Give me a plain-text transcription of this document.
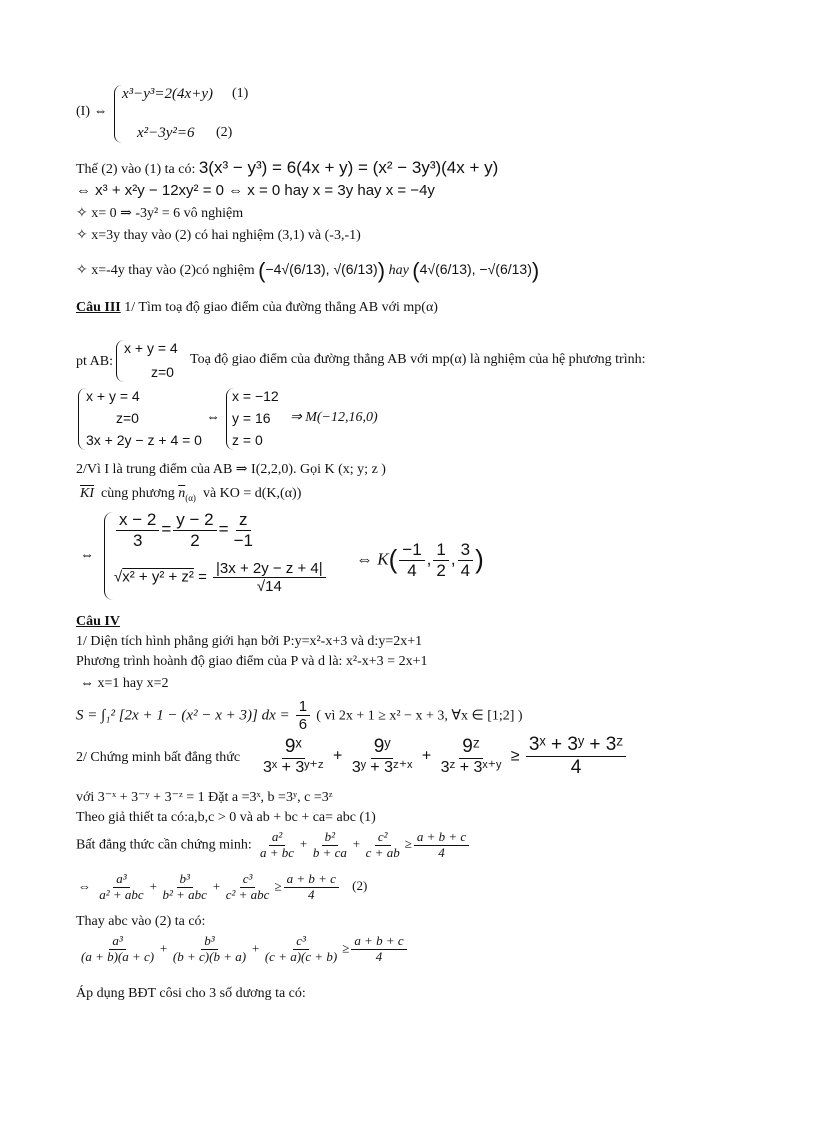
(I) ⇔
x³−y³=2(4x+y) (1)
x²−3y²=6 (2)
Thế (2) vào (1) ta có: 3(x³ − y³) = 6(4x + y) = (x² − 3y³)(4x + y)
⇔ x³ + x²y − 12xy² = 0 ⇔ x = 0 hay x = 3y hay x = −4y
✧ x= 0 ⇒ -3y² = 6 vô nghiệm
✧ x=3y thay vào (2) có hai nghiệm (3,1) và (-3,-1)
✧ x=-4y thay vào (2)có nghiệm (−4√(6/13), √(6/13)) hay (4√(6/13), −√(6/13))
Câu III 1/ Tìm toạ độ giao điểm của đường thẳng AB với mp(α)
pt AB:
x + y = 4
z=0
Toạ độ giao điểm của đường thẳng AB với mp(α) là nghiệm của hệ phương trình:
x + y = 4
z=0
3x + 2y − z + 4 = 0
⇔
x = −12
y = 16 ⇒ M(−12,16,0)
z = 0
2/Vì I là trung điểm của AB ⇒ I(2,2,0). Gọi K (x; y; z )
$\overline{KI}$ cùng phương $\overline{n}_{(\alpha)}$ và KO = d(K,(α))
⇔
$\frac{x - 2}{3} = \frac{y - 2}{2} = \frac{z}{-1}$
$√x^2 + y^2 + z^2 = \frac{|3x + 2y - z + 4|}{√14}$
⇔ $K( \frac{-1}{4}$ , $\frac{1}{2}$ , $\frac{3}{4}$ )
Câu IV
1/ Diện tích hình phẳng giới hạn bởi P:y=x²-x+3 và d:y=2x+1
Phương trình hoành độ giao điểm của P và d là: x²-x+3 = 2x+1
⇔ x=1 hay x=2
S = ∫₁² [2x + 1 − (x² − x + 3)] dx = $\frac{1}{6}$ ( vì 2x + 1 ≥ x² − x + 3, ∀x ∈ [1;2] )
2/ Chứng minh bất đẳng thức $\frac{\text{9ˣ}}{\text{3ˣ + 3ʸ⁺ᶻ}} + \frac{\text{9ʸ}}{\text{3ʸ + 3ᶻ⁺ˣ}} + \frac{\text{9ᶻ}}{\text{3ᶻ + 3ˣ⁺ʸ}} \ge \frac{\text{3ˣ + 3ʸ + 3ᶻ}}{4}$
với 3⁻ˣ + 3⁻ʸ + 3⁻ᶻ = 1 Đặt a =3ˣ, b =3ʸ, c =3ᶻ
Theo giả thiết ta có:a,b,c > 0 và ab + bc + ca= abc (1)
Bất đẳng thức cần chứng minh: $\frac{\text{a²}}{a + bc} + \frac{\text{b²}}{b + ca} + \frac{\text{c²}}{c + ab} \ge \frac{a + b + c}{4}$
⇔ $\frac{\text{a³}}{\text{a² + abc}} + \frac{\text{b³}}{\text{b² + abc}} + \frac{\text{c³}}{\text{c² + abc}} \ge \frac{a + b + c}{4} (2)$
Thay abc vào (2) ta có:
$\frac{\text{a³}}{(a + b)(a + c)} + \frac{\text{b³}}{(b + c)(b + a)} + \frac{\text{c³}}{(c + a)(c + b)} \ge \frac{a + b + c}{4}$
Áp dụng BĐT côsi cho 3 số dương ta có:
